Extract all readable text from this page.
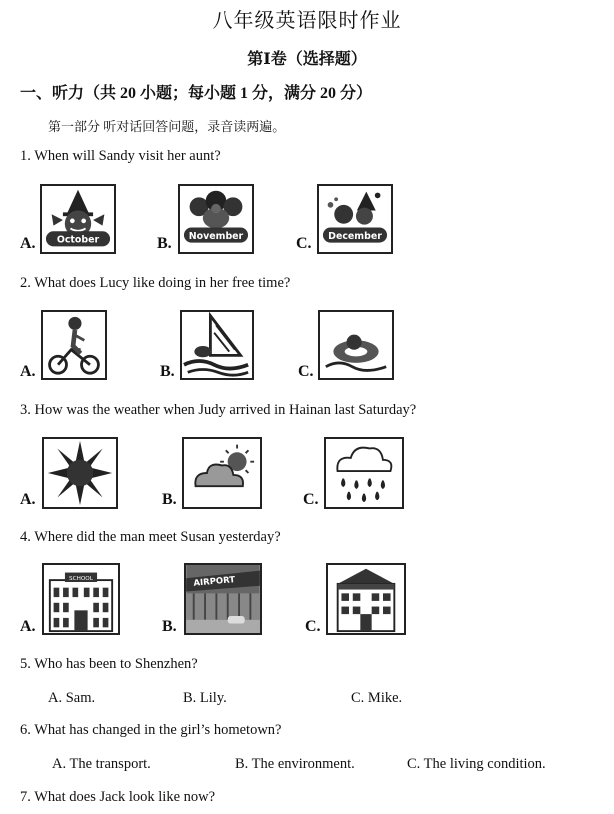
八年级英语限时作业
第Ⅰ卷（选择题）
一、听力（共 20 小题；每小题 1 分，满分 20 分）
第一部分 听对话回答问题，录音读两遍。
1. When will Sandy visit her aunt?
A. October	B. November	C. December
2. What does Lucy like doing in her free time?
A.	B.	C.
3. How was the weather when Judy arrived in Hainan last Saturday?
A.	B.	C.
4. Where did the man meet Susan yesterday?
A.
SCHOOL
B.
AIRPORT
C.
5. Who has been to Shenzhen?
A. Sam.	B. Lily.	C. Mike.
6. What has changed in the girl’s hometown?
A. The transport.	B. The environment.	C. The living condition.
7. What does Jack look like now?
